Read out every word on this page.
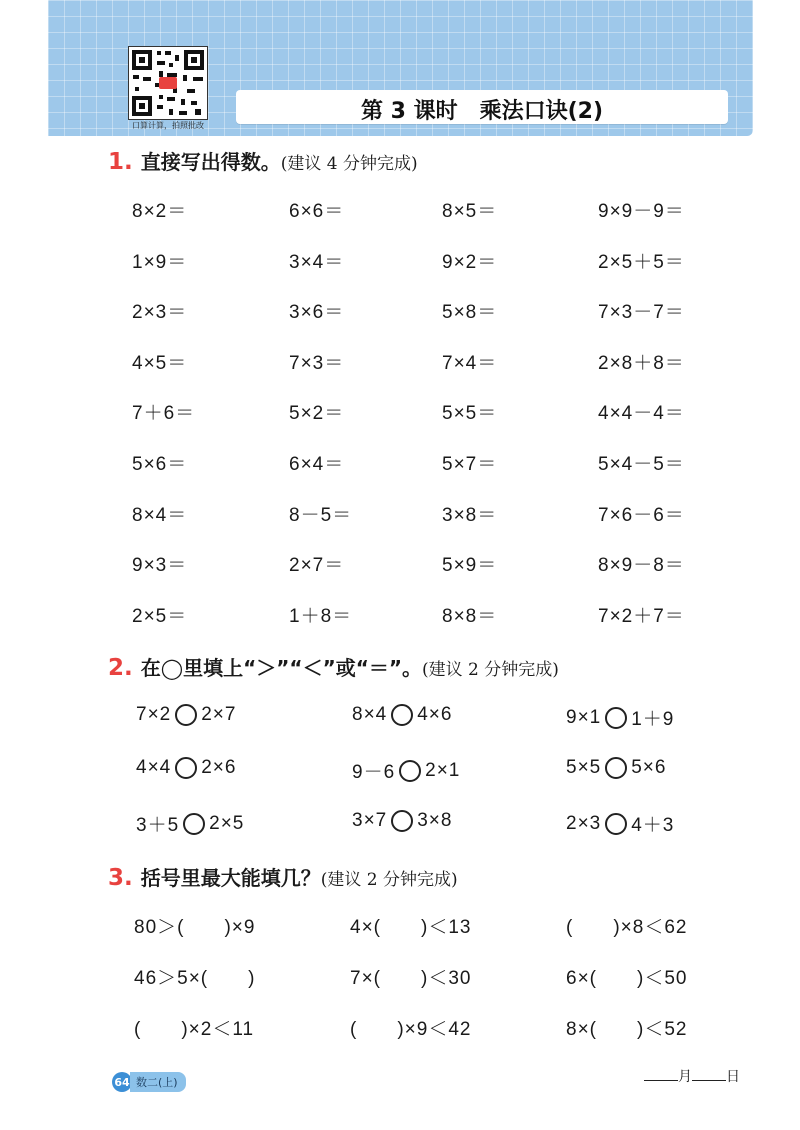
口算计算，拍照批改
第 3 课时　乘法口诀(2)
1. 直接写出得数。(建议 4 分钟完成)
8×2＝	6×6＝	8×5＝	9×9－9＝
1×9＝	3×4＝	9×2＝	2×5＋5＝
2×3＝	3×6＝	5×8＝	7×3－7＝
4×5＝	7×3＝	7×4＝	2×8＋8＝
7＋6＝	5×2＝	5×5＝	4×4－4＝
5×6＝	6×4＝	5×7＝	5×4－5＝
8×4＝	8－5＝	3×8＝	7×6－6＝
9×3＝	2×7＝	5×9＝	8×9－8＝
2×5＝	1＋8＝	8×8＝	7×2＋7＝
2. 在◯里填上“＞”“＜”或“＝”。(建议 2 分钟完成)
7×2 2×7	8×4 4×6	9×1 1＋9
4×4 2×6	9－6 2×1	5×5 5×6
3＋5 2×5	3×7 3×8	2×3 4＋3
3. 括号里最大能填几？(建议 2 分钟完成)
80＞(　　)×9	4×(　　)＜13	(　　)×8＜62
46＞5×(　　)	7×(　　)＜30	6×(　　)＜50
(　　)×2＜11	(　　)×9＜42	8×(　　)＜52
64 数二(上)	月 日
